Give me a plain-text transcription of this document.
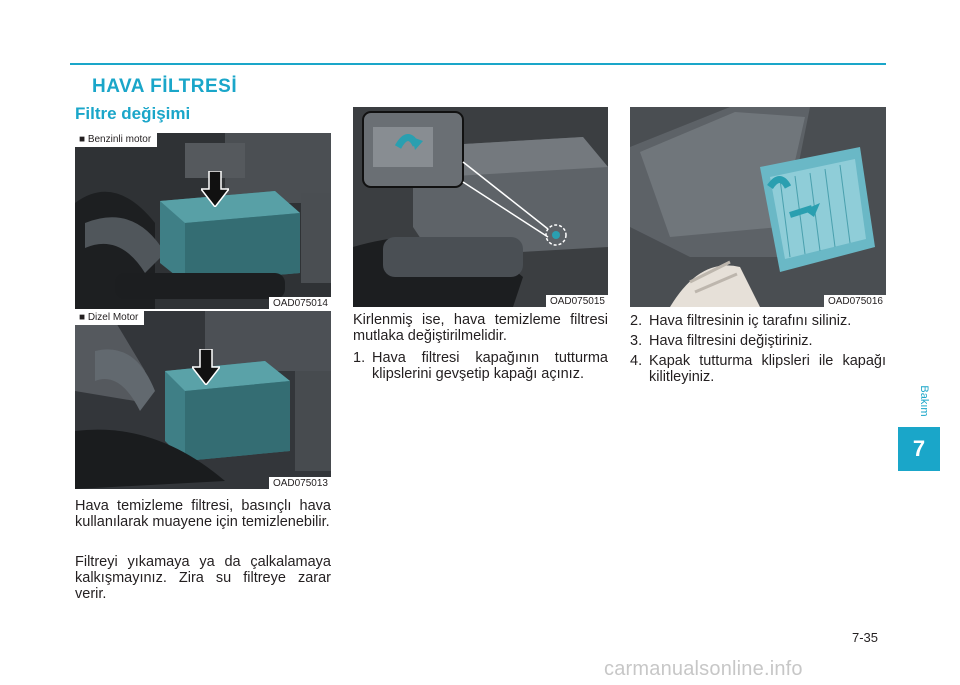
HAVA FİLTRESİ
Filtre değişimi
■ Benzinli motor
OAD075014
■ Dizel Motor
OAD075013
OAD075015	OAD075016

Hava temizleme filtresi, basınçlı hava kullanılarak muayene için temizlenebilir.

Filtreyi yıkamaya ya da çalkalamaya kalkışmayınız. Zira su filtreye zarar verir.

Kirlenmiş ise, hava temizleme filtresi mutlaka değiştirilmelidir.

1. Hava filtresi kapağının tutturma klipslerini gevşetip kapağı açınız.
2. Hava filtresinin iç tarafını siliniz.
3. Hava filtresini değiştiriniz.
4. Kapak tutturma klipsleri ile kapağı kilitleyiniz.
Bakım
7
7-35
carmanualsonline.info
